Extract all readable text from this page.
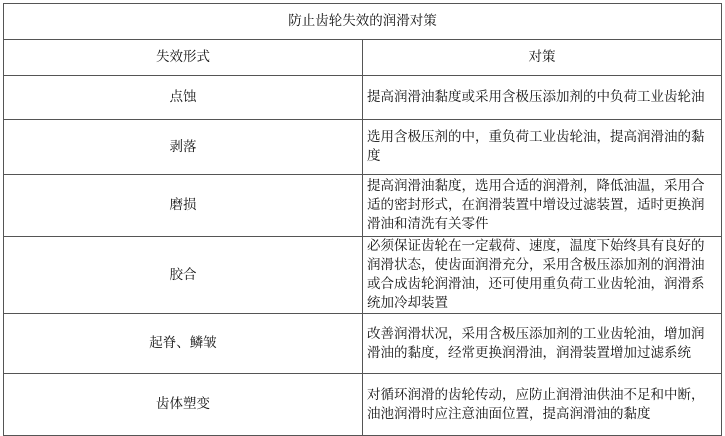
防止齿轮失效的润滑对策	
失效形式	对策
点蚀	提高润滑油黏度或采用含极压添加剂的中负荷工业齿轮油
剥落	选用含极压剂的中，重负荷工业齿轮油，提高润滑油的黏度
磨损	提高润滑油黏度，选用合适的润滑剂，降低油温，采用合适的密封形式，在润滑装置中增设过滤装置，适时更换润滑油和清洗有关零件
胶合	必须保证齿轮在一定载荷、速度，温度下始终具有良好的润滑状态，使齿面润滑充分，采用含极压添加剂的润滑油或合成齿轮润滑油，还可使用重负荷工业齿轮油，润滑系统加冷却装置
起脊、鳞皱	改善润滑状况，采用含极压添加剂的工业齿轮油，增加润滑油的黏度，经常更换润滑油，润滑装置增加过滤系统
齿体塑变	对循环润滑的齿轮传动，应防止润滑油供油不足和中断，油池润滑时应注意油面位置，提高润滑油的黏度
